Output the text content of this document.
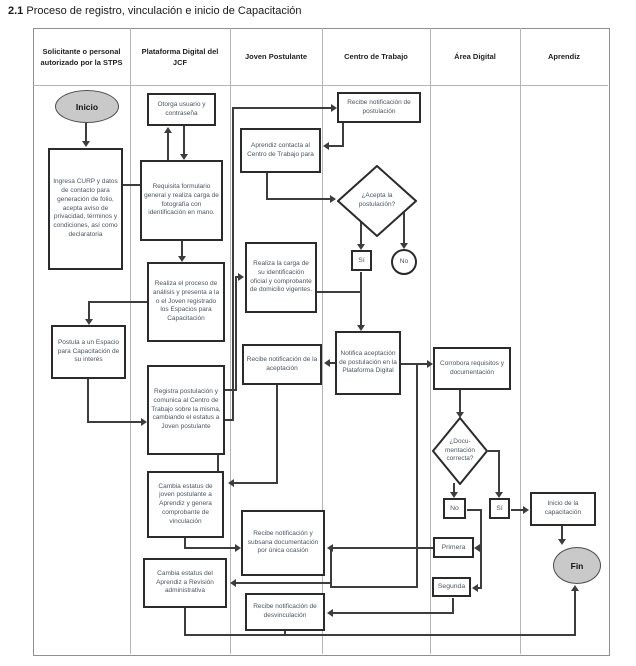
2.1 Proceso de registro, vinculación e inicio de Capacitación
Solicitante o personal autorizado por la STPS
Plataforma Digital del JCF
Joven Postulante	Centro de Trabajo	Área Digital	Aprendiz
Inicio
Ingresa CURP y datos de contacto para generación de folio, acepta aviso de privacidad, términos y condiciones, así como declaratoria
Postula a un Espacio para Capacitación de su interés
Otorga usuario y contraseña
Requisita formulario general y realiza carga de fotografía con identificación en mano.
Realiza el proceso de análisis y presenta a la o el Joven registrado los Espacios para Capacitación
Registra postulación y comunica al Centro de Trabajo sobre la misma, cambiando el estatus a Joven postulante
Cambia estatus de joven postulante a Aprendiz y genera comprobante de vinculación
Cambia estatus del Aprendiz a Revisión administrativa
Aprendiz contacta al Centro de Trabajo para
Realiza la carga de su identificación oficial y comprobante de domicilio vigentes.
Recibe notificación de la aceptación
Recibe notificación y subsana documentación por única ocasión
Recibe notificación de desvinculación
Recibe notificación de postulación
¿Acepta la postulación?
Sí	No
Notifica aceptación de postulación en la Plataforma Digital
Corrobora requisitos y documentación
¿Docu- mentación correcta?
No	Sí
Primera
Segunda
Inicio de la capacitación
Fin
